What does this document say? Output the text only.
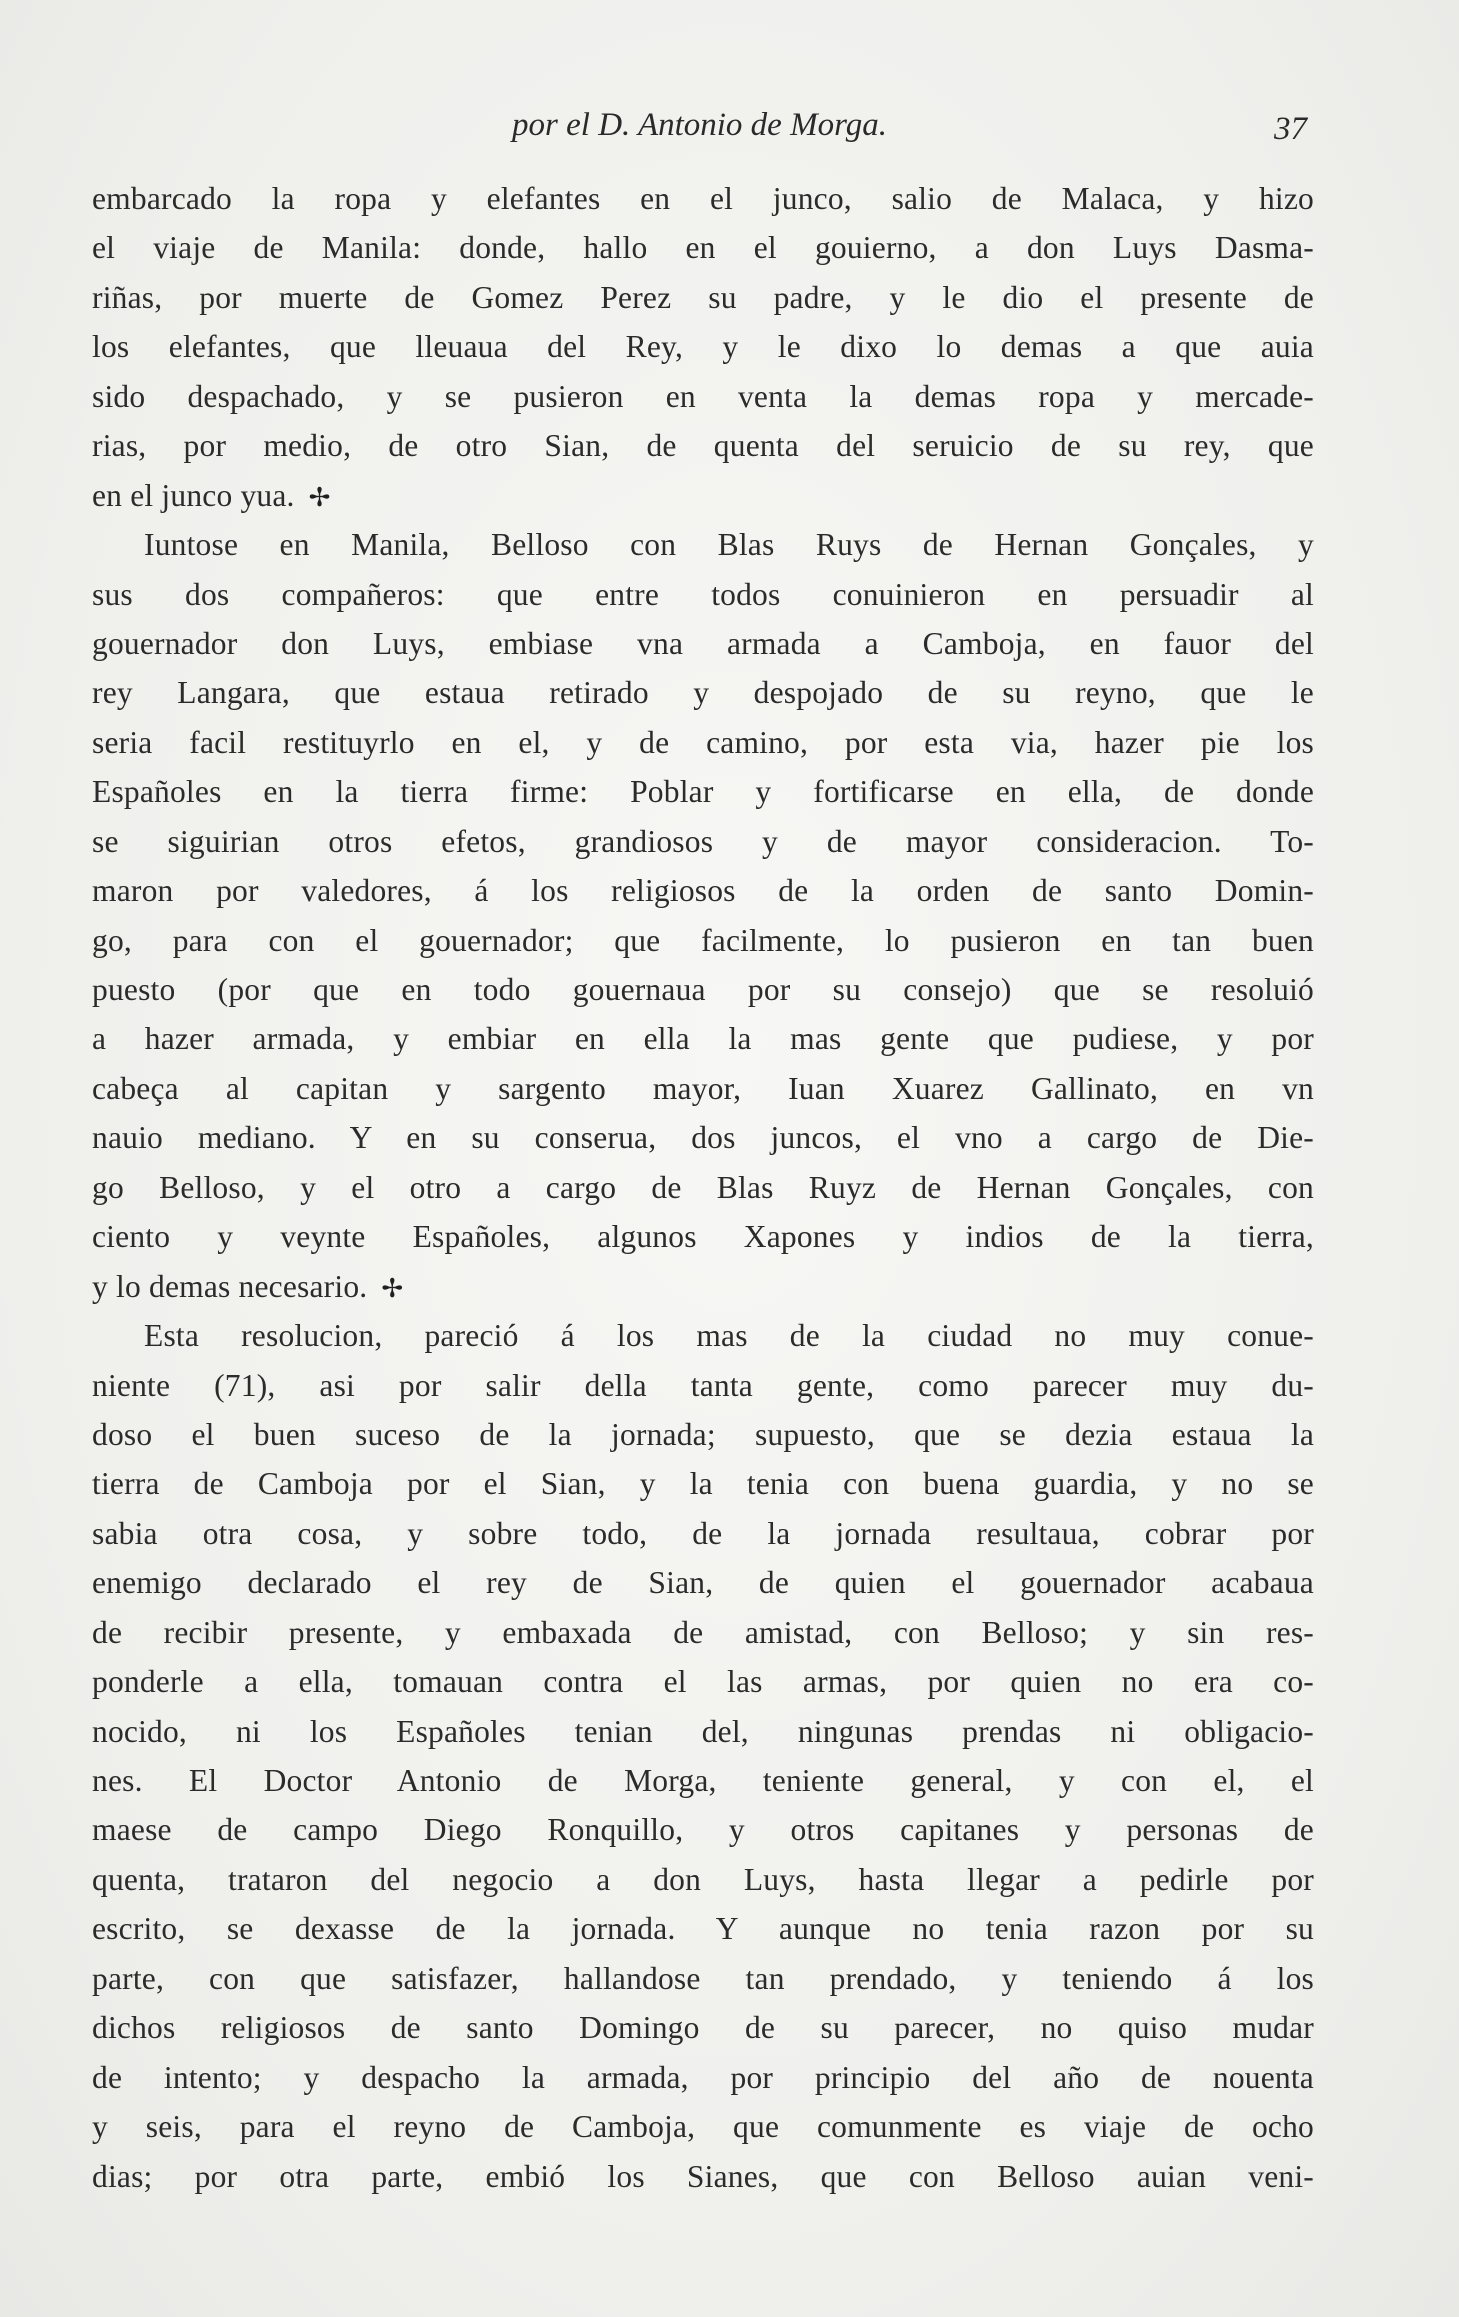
por el D. Antonio de Morga.	37
embarcado la ropa y elefantes en el junco, salio de Malaca, y hizo
el viaje de Manila: donde, hallo en el gouierno, a don Luys Dasma-
riñas, por muerte de Gomez Perez su padre, y le dio el presente de
los elefantes, que lleuaua del Rey, y le dixo lo demas a que auia
sido despachado, y se pusieron en venta la demas ropa y mercade-
rias, por medio, de otro Sian, de quenta del seruicio de su rey, que
en el junco yua. ✢
Iuntose en Manila, Belloso con Blas Ruys de Hernan Gonçales, y
sus dos compañeros: que entre todos conuinieron en persuadir al
gouernador don Luys, embiase vna armada a Camboja, en fauor del
rey Langara, que estaua retirado y despojado de su reyno, que le
seria facil restituyrlo en el, y de camino, por esta via, hazer pie los
Españoles en la tierra firme: Poblar y fortificarse en ella, de donde
se siguirian otros efetos, grandiosos y de mayor consideracion. To-
maron por valedores, á los religiosos de la orden de santo Domin-
go, para con el gouernador; que facilmente, lo pusieron en tan buen
puesto (por que en todo gouernaua por su consejo) que se resoluió
a hazer armada, y embiar en ella la mas gente que pudiese, y por
cabeça al capitan y sargento mayor, Iuan Xuarez Gallinato, en vn
nauio mediano. Y en su conserua, dos juncos, el vno a cargo de Die-
go Belloso, y el otro a cargo de Blas Ruyz de Hernan Gonçales, con
ciento y veynte Españoles, algunos Xapones y indios de la tierra,
y lo demas necesario. ✢
Esta resolucion, pareció á los mas de la ciudad no muy conue-
niente (71), asi por salir della tanta gente, como parecer muy du-
doso el buen suceso de la jornada; supuesto, que se dezia estaua la
tierra de Camboja por el Sian, y la tenia con buena guardia, y no se
sabia otra cosa, y sobre todo, de la jornada resultaua, cobrar por
enemigo declarado el rey de Sian, de quien el gouernador acabaua
de recibir presente, y embaxada de amistad, con Belloso; y sin res-
ponderle a ella, tomauan contra el las armas, por quien no era co-
nocido, ni los Españoles tenian del, ningunas prendas ni obligacio-
nes. El Doctor Antonio de Morga, teniente general, y con el, el
maese de campo Diego Ronquillo, y otros capitanes y personas de
quenta, trataron del negocio a don Luys, hasta llegar a pedirle por
escrito, se dexasse de la jornada. Y aunque no tenia razon por su
parte, con que satisfazer, hallandose tan prendado, y teniendo á los
dichos religiosos de santo Domingo de su parecer, no quiso mudar
de intento; y despacho la armada, por principio del año de nouenta
y seis, para el reyno de Camboja, que comunmente es viaje de ocho
dias; por otra parte, embió los Sianes, que con Belloso auian veni-
